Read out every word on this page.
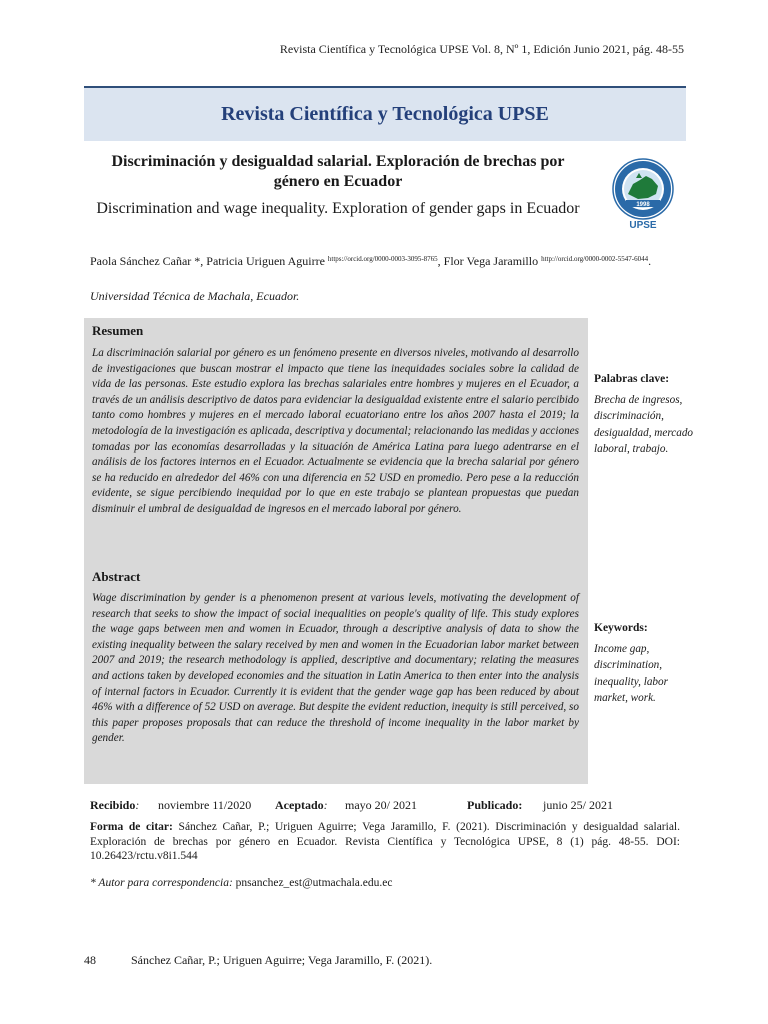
Revista Científica y Tecnológica UPSE Vol. 8, Nº 1, Edición Junio 2021, pág. 48-55
Revista Científica y Tecnológica UPSE
Discriminación y desigualdad salarial. Exploración de brechas por género en Ecuador
Discrimination and wage inequality. Exploration of gender gaps in Ecuador	1998
UPSE
Paola Sánchez Cañar *, Patricia Uriguen Aguirre $^{https://orcid.org/0000-0003-3095-8765}$, Flor Vega Jaramillo $^{http://orcid.org/0000-0002-5547-6044}$.
Universidad Técnica de Machala, Ecuador.
Resumen
La discriminación salarial por género es un fenómeno presente en diversos niveles, motivando al desarrollo de investigaciones que buscan mostrar el impacto que tiene las inequidades sociales sobre la calidad de vida de las personas. Este estudio explora las brechas salariales entre hombres y mujeres en el Ecuador, a través de un análisis descriptivo de datos para evidenciar la desigualdad existente entre el salario percibido tanto como hombres y mujeres en el mercado laboral ecuatoriano entre los años 2007 hasta el 2019; la metodología de la investigación es aplicada, descriptiva y documental; relacionando las medidas y acciones tomadas por las economías desarrolladas y la situación de América Latina para luego adentrarse en el análisis de los factores internos en el Ecuador. Actualmente se evidencia que la brecha salarial por género se ha reducido en alrededor del 46% con una diferencia en 52 USD en promedio. Pero pese a la reducción evidente, se sigue percibiendo inequidad por lo que en este trabajo se plantean propuestas que puedan disminuir el umbral de desigualdad de ingresos en el mercado laboral por género.
Palabras clave:
Brecha de ingresos, discriminación, desigualdad, mercado laboral, trabajo.
Abstract
Wage discrimination by gender is a phenomenon present at various levels, motivating the development of research that seeks to show the impact of social inequalities on people's quality of life. This study explores the wage gaps between men and women in Ecuador, through a descriptive analysis of data to show the existing inequality between the salary received by men and women in the Ecuadorian labor market between 2007 and 2019; the research methodology is applied, descriptive and documentary; relating the measures and actions taken by developed economies and the situation in Latin America to then enter into the analysis of internal factors in Ecuador. Currently it is evident that the gender wage gap has been reduced by about 46% with a difference of 52 USD on average. But despite the evident reduction, inequity is still perceived, so this paper proposes proposals that can reduce the threshold of income inequality in the labor market by gender.
Keywords:
Income gap, discrimination, inequality, labor market, work.
Recibido: noviembre 11/2020 Aceptado: mayo 20/ 2021	Publicado: junio 25/ 2021
Forma de citar: Sánchez Cañar, P.; Uriguen Aguirre; Vega Jaramillo, F. (2021). Discriminación y desigualdad salarial. Exploración de brechas por género en Ecuador. Revista Científica y Tecnológica UPSE, 8 (1) pág. 48-55. DOI: 10.26423/rctu.v8i1.544
* Autor para correspondencia: pnsanchez_est@utmachala.edu.ec
48	Sánchez Cañar, P.; Uriguen Aguirre; Vega Jaramillo, F. (2021).
